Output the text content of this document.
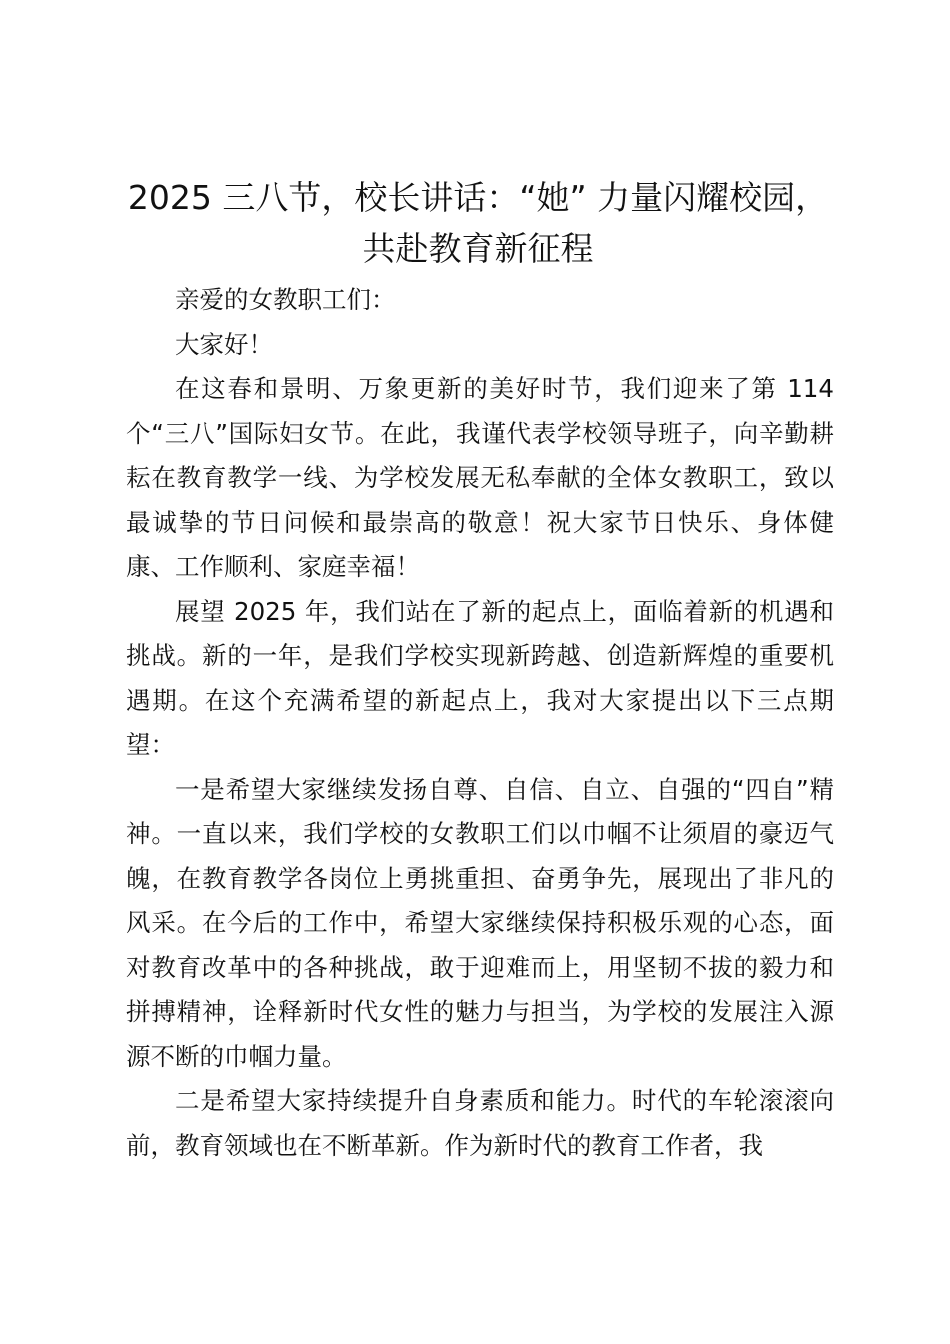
2025 三八节，校长讲话：“她” 力量闪耀校园，共赴教育新征程

亲爱的女教职工们：

大家好！

在这春和景明、万象更新的美好时节，我们迎来了第 114 个“三八”国际妇女节。在此，我谨代表学校领导班子，向辛勤耕耘在教育教学一线、为学校发展无私奉献的全体女教职工，致以最诚挚的节日问候和最崇高的敬意！祝大家节日快乐、身体健康、工作顺利、家庭幸福！

展望 2025 年，我们站在了新的起点上，面临着新的机遇和挑战。新的一年，是我们学校实现新跨越、创造新辉煌的重要机遇期。在这个充满希望的新起点上，我对大家提出以下三点期望：

一是希望大家继续发扬自尊、自信、自立、自强的“四自”精神。一直以来，我们学校的女教职工们以巾帼不让须眉的豪迈气魄，在教育教学各岗位上勇挑重担、奋勇争先，展现出了非凡的风采。在今后的工作中，希望大家继续保持积极乐观的心态，面对教育改革中的各种挑战，敢于迎难而上，用坚韧不拔的毅力和拼搏精神，诠释新时代女性的魅力与担当，为学校的发展注入源源不断的巾帼力量。

二是希望大家持续提升自身素质和能力。时代的车轮滚滚向前，教育领域也在不断革新。作为新时代的教育工作者，我
